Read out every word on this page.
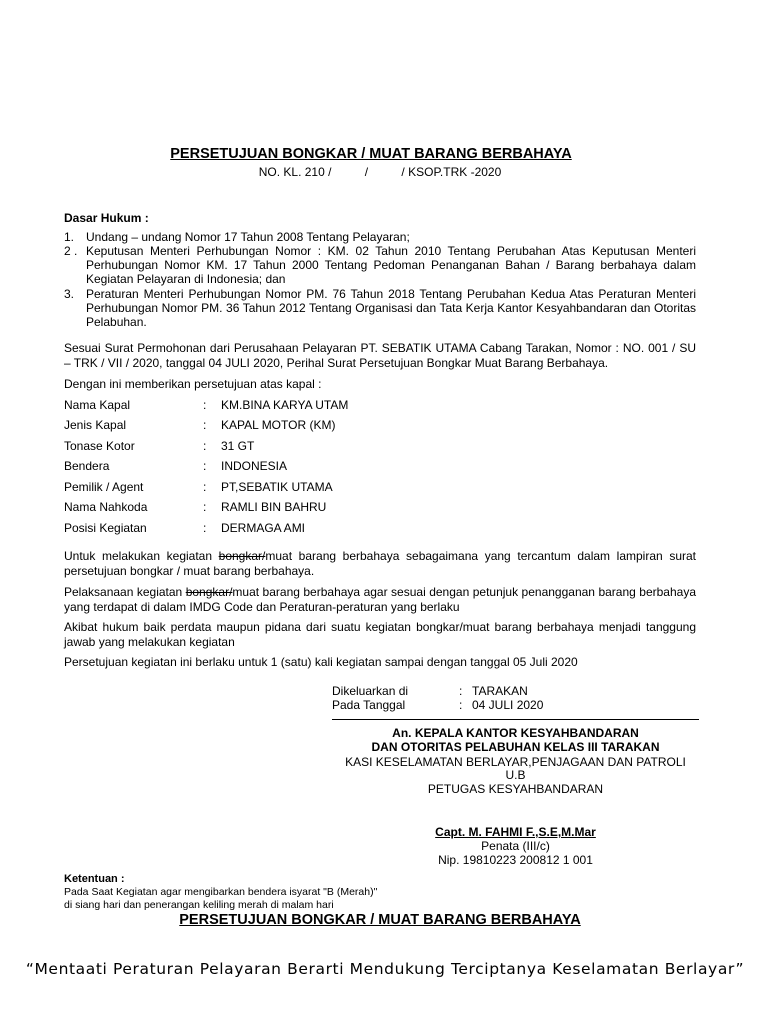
PERSETUJUAN BONGKAR / MUAT BARANG BERBAHAYA
NO. KL. 210 /          /          / KSOP.TRK -2020
Dasar Hukum :
1. Undang – undang Nomor 17 Tahun 2008 Tentang Pelayaran;
2 . Keputusan Menteri Perhubungan Nomor : KM. 02 Tahun 2010 Tentang Perubahan Atas Keputusan Menteri Perhubungan Nomor KM. 17 Tahun 2000 Tentang Pedoman Penanganan Bahan / Barang berbahaya dalam Kegiatan Pelayaran di Indonesia; dan
3. Peraturan Menteri Perhubungan Nomor PM. 76 Tahun 2018 Tentang Perubahan Kedua Atas Peraturan Menteri Perhubungan Nomor PM. 36 Tahun 2012 Tentang Organisasi dan Tata Kerja Kantor Kesyahbandaran dan Otoritas Pelabuhan.
Sesuai Surat Permohonan dari Perusahaan Pelayaran PT. SEBATIK UTAMA Cabang Tarakan, Nomor : NO. 001 / SU – TRK / VII / 2020, tanggal 04 JULI 2020, Perihal Surat Persetujuan Bongkar Muat Barang Berbahaya.
Dengan ini memberikan persetujuan atas kapal :
Nama Kapal	: KM.BINA KARYA UTAM
Jenis Kapal	: KAPAL MOTOR (KM)
Tonase Kotor	: 31 GT
Bendera	: INDONESIA
Pemilik / Agent	: PT,SEBATIK UTAMA
Nama Nahkoda	: RAMLI BIN BAHRU
Posisi Kegiatan	: DERMAGA AMI
Untuk melakukan kegiatan bongkar/muat barang berbahaya sebagaimana yang tercantum dalam lampiran surat persetujuan bongkar / muat barang berbahaya.
Pelaksanaan kegiatan bongkar/muat barang berbahaya agar sesuai dengan petunjuk penangganan barang berbahaya yang terdapat di dalam IMDG Code dan Peraturan-peraturan yang berlaku
Akibat hukum baik perdata maupun pidana dari suatu kegiatan bongkar/muat barang berbahaya menjadi tanggung jawab yang melakukan kegiatan
Persetujuan kegiatan ini berlaku untuk 1 (satu) kali kegiatan sampai dengan tanggal 05 Juli 2020
Dikeluarkan di	: TARAKAN
Pada Tanggal	: 04 JULI 2020
An. KEPALA KANTOR KESYAHBANDARAN
DAN OTORITAS PELABUHAN KELAS III TARAKAN
KASI KESELAMATAN BERLAYAR,PENJAGAAN DAN PATROLI
U.B
PETUGAS KESYAHBANDARAN
Capt. M. FAHMI F.,S.E,M.Mar
Penata (III/c)
Nip. 19810223 200812 1 001
Ketentuan :
Pada Saat Kegiatan agar mengibarkan bendera isyarat "B (Merah)"
di siang hari dan penerangan keliling merah di malam hari
PERSETUJUAN BONGKAR / MUAT BARANG BERBAHAYA
“Mentaati Peraturan Pelayaran Berarti Mendukung Terciptanya Keselamatan Berlayar”
